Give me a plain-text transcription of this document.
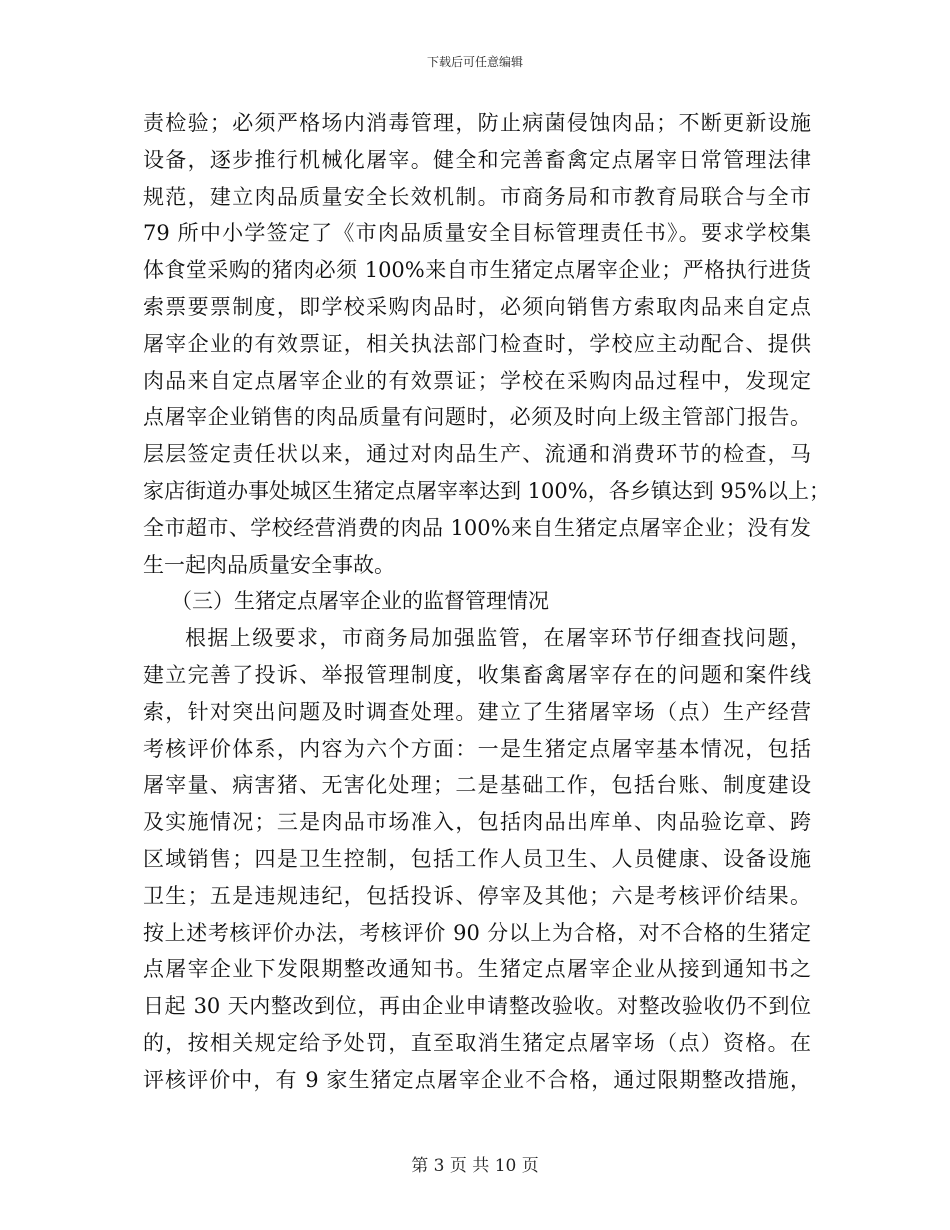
下载后可任意编辑
责检验；必须严格场内消毒管理，防止病菌侵蚀肉品；不断更新设施
设备，逐步推行机械化屠宰。健全和完善畜禽定点屠宰日常管理法律
规范，建立肉品质量安全长效机制。市商务局和市教育局联合与全市
79 所中小学签定了《市肉品质量安全目标管理责任书》。要求学校集
体食堂采购的猪肉必须 100%来自市生猪定点屠宰企业；严格执行进货
索票要票制度，即学校采购肉品时，必须向销售方索取肉品来自定点
屠宰企业的有效票证，相关执法部门检查时，学校应主动配合、提供
肉品来自定点屠宰企业的有效票证；学校在采购肉品过程中，发现定
点屠宰企业销售的肉品质量有问题时，必须及时向上级主管部门报告。
层层签定责任状以来，通过对肉品生产、流通和消费环节的检查，马
家店街道办事处城区生猪定点屠宰率达到 100%，各乡镇达到 95%以上；
全市超市、学校经营消费的肉品 100%来自生猪定点屠宰企业；没有发
生一起肉品质量安全事故。
（三）生猪定点屠宰企业的监督管理情况
根据上级要求，市商务局加强监管，在屠宰环节仔细查找问题，
建立完善了投诉、举报管理制度，收集畜禽屠宰存在的问题和案件线
索，针对突出问题及时调查处理。建立了生猪屠宰场（点）生产经营
考核评价体系，内容为六个方面：一是生猪定点屠宰基本情况，包括
屠宰量、病害猪、无害化处理；二是基础工作，包括台账、制度建设
及实施情况；三是肉品市场准入，包括肉品出库单、肉品验讫章、跨
区域销售；四是卫生控制，包括工作人员卫生、人员健康、设备设施
卫生；五是违规违纪，包括投诉、停宰及其他；六是考核评价结果。
按上述考核评价办法，考核评价 90 分以上为合格，对不合格的生猪定
点屠宰企业下发限期整改通知书。生猪定点屠宰企业从接到通知书之
日起 30 天内整改到位，再由企业申请整改验收。对整改验收仍不到位
的，按相关规定给予处罚，直至取消生猪定点屠宰场（点）资格。在
评核评价中，有 9 家生猪定点屠宰企业不合格，通过限期整改措施，
第 3 页 共 10 页
